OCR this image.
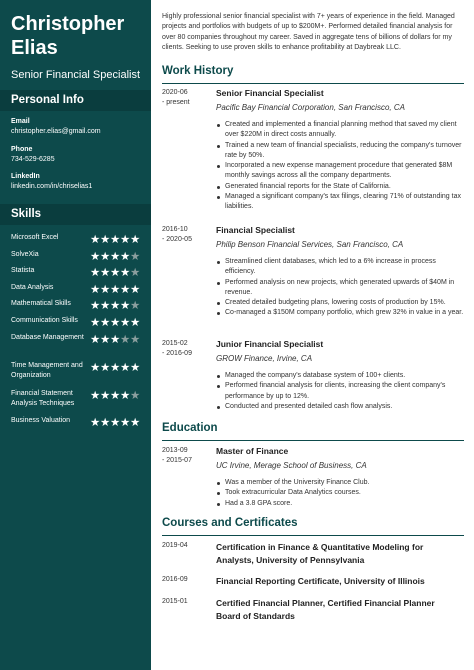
Christopher
Elias
Senior Financial Specialist
Personal Info
Email
christopher.elias@gmail.com
Phone
734-529-6285
LinkedIn
linkedin.com/in/chriselias1
Skills
Microsoft Excel	★★★★★
SolveXia	★★★★★
Statista	★★★★★
Data Analysis	★★★★★
Mathematical Skills	★★★★★
Communication Skills	★★★★★
Database Management ★★★★★
Time Management and Organization
★★★★★
Financial Statement Analysis Techniques
★★★★★
Business Valuation	★★★★★

Highly professional senior financial specialist with 7+ years of experience in the field. Managed projects and portfolios with budgets of up to $200M+. Performed detailed financial analysis for over 80 companies throughout my career. Saved in aggregate tens of billions of dollars for my clients. Seeking to use proven skills to enhance profitability at Daybreak LLC.

Work History
2020-06
- present
Senior Financial Specialist
Pacific Bay Financial Corporation, San Francisco, CA
Created and implemented a financial planning method that saved my client over $220M in direct costs annually.
Trained a new team of financial specialists, reducing the company's turnover rate by 50%.
Incorporated a new expense management procedure that generated $8M monthly savings across all the company departments.
Generated financial reports for the State of California.
Managed a significant company's tax filings, clearing 71% of outstanding tax liabilities.
2016-10
- 2020-05
Financial Specialist
Philip Benson Financial Services, San Francisco, CA
Streamlined client databases, which led to a 6% increase in process efficiency.
Performed analysis on new projects, which generated upwards of $40M in revenue.
Created detailed budgeting plans, lowering costs of production by 15%.
Co-managed a $150M company portfolio, which grew 32% in value in a year.
2015-02
- 2016-09
Junior Financial Specialist
GROW Finance, Irvine, CA
Managed the company's database system of 100+ clients.
Performed financial analysis for clients, increasing the client company's performance by up to 12%.
Conducted and presented detailed cash flow analysis.
Education
2013-09
- 2015-07
Master of Finance
UC Irvine, Merage School of Business, CA
Was a member of the University Finance Club.
Took extracurricular Data Analytics courses.
Had a 3.8 GPA score.
Courses and Certificates
2019-04	Certification in Finance & Quantitative Modeling for Analysts, University of Pennsylvania
2016-09	Financial Reporting Certificate, University of Illinois
2015-01	Certified Financial Planner, Certified Financial Planner Board of Standards
